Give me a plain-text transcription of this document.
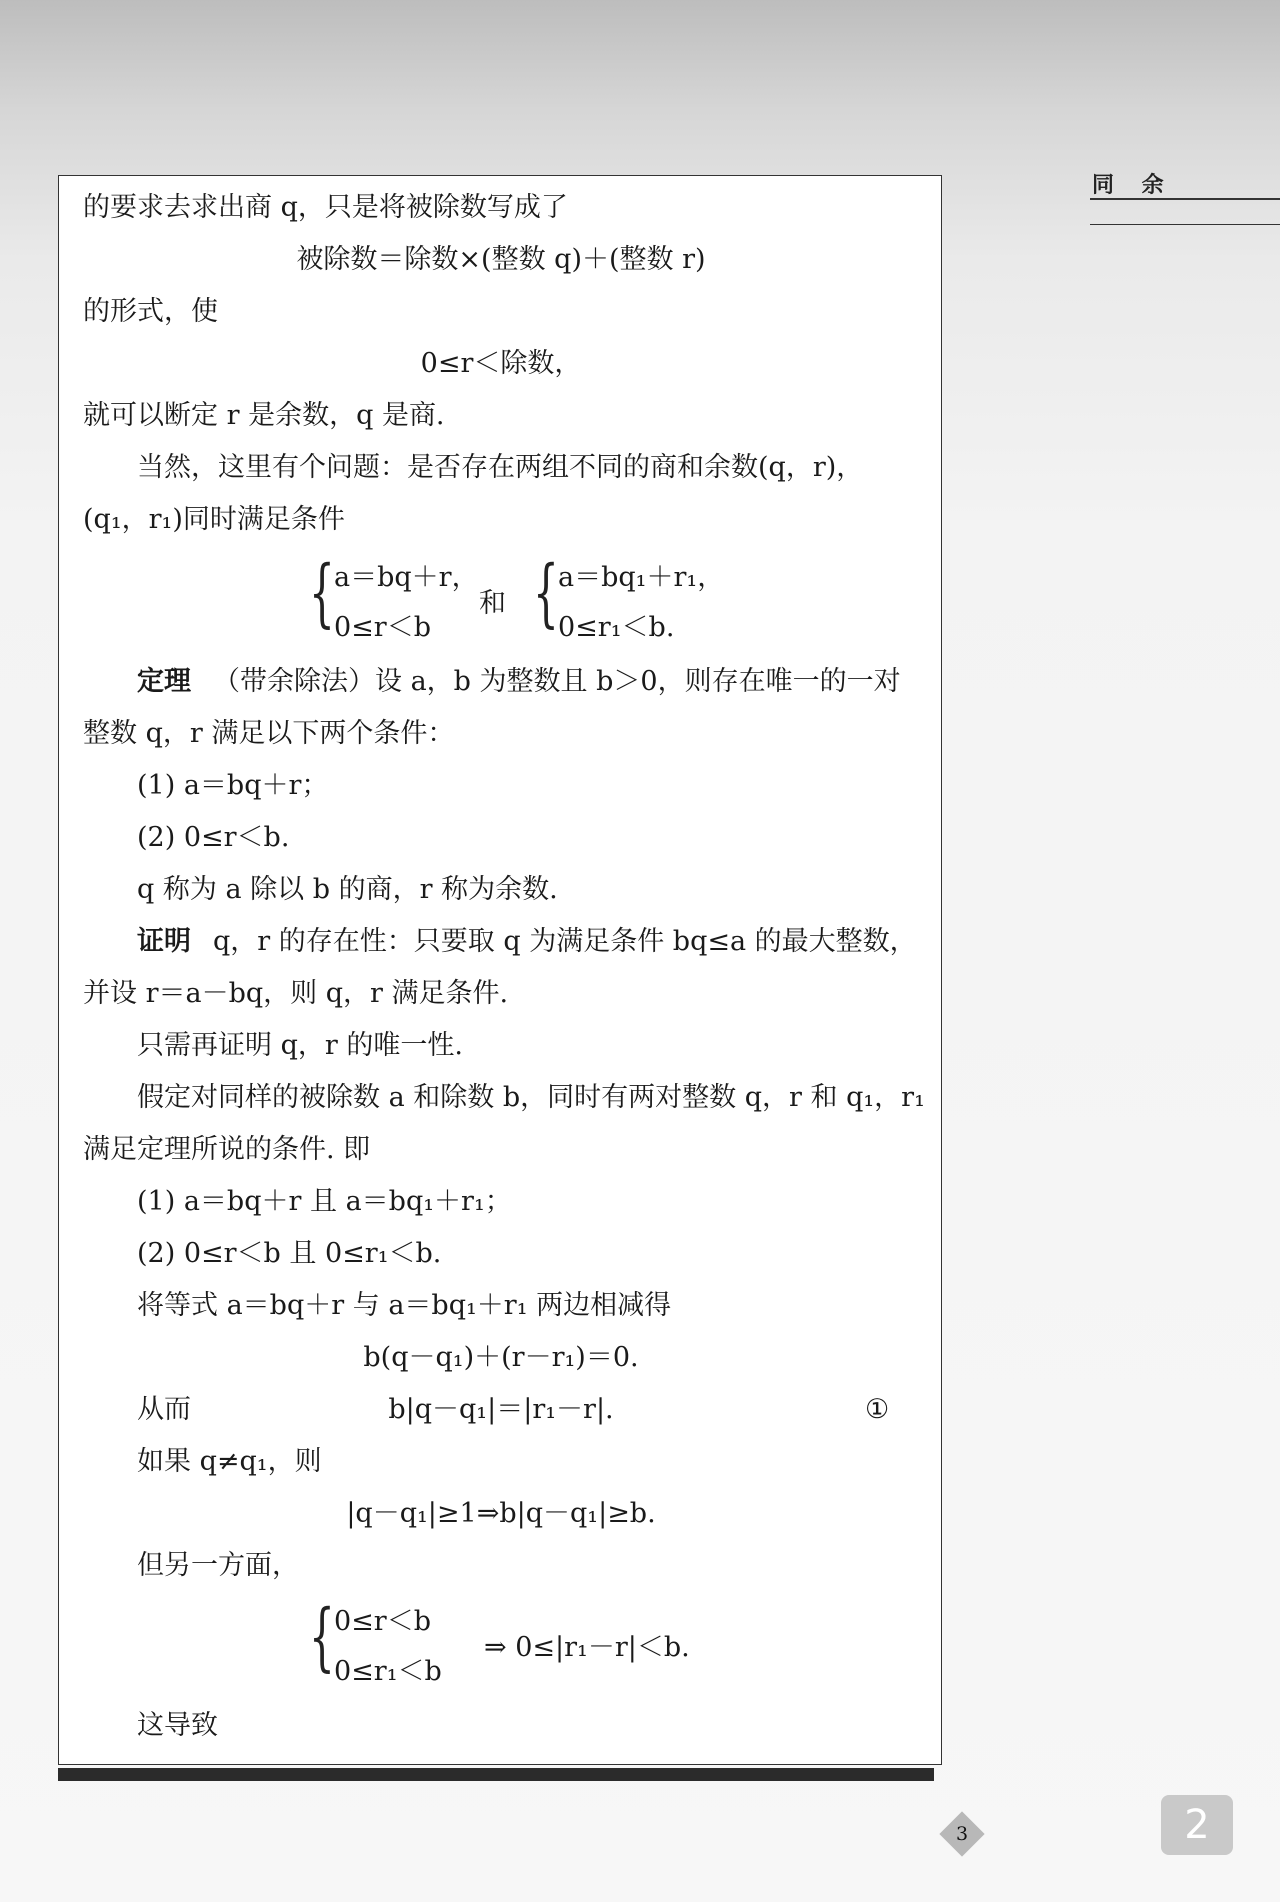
同 余
的要求去求出商 q，只是将被除数写成了
被除数＝除数×(整数 q)＋(整数 r)
的形式，使
0≤r＜除数，
就可以断定 r 是余数，q 是商.
当然，这里有个问题：是否存在两组不同的商和余数(q，r)，
(q₁，r₁)同时满足条件
{ a＝bq＋r，
0≤r＜b
和 { a＝bq₁＋r₁，
0≤r₁＜b.
定理 （带余除法）设 a，b 为整数且 b＞0，则存在唯一的一对
整数 q，r 满足以下两个条件：
(1) a＝bq＋r；
(2) 0≤r＜b.
q 称为 a 除以 b 的商，r 称为余数.
证明 q，r 的存在性：只要取 q 为满足条件 bq≤a 的最大整数，
并设 r＝a－bq，则 q，r 满足条件.
只需再证明 q，r 的唯一性.
假定对同样的被除数 a 和除数 b，同时有两对整数 q，r 和 q₁，r₁
满足定理所说的条件. 即
(1) a＝bq＋r 且 a＝bq₁＋r₁；
(2) 0≤r＜b 且 0≤r₁＜b.
将等式 a＝bq＋r 与 a＝bq₁＋r₁ 两边相减得
b(q－q₁)＋(r－r₁)＝0.
从而	b|q－q₁|＝|r₁－r|.	①
如果 q≠q₁，则
|q－q₁|≥1⇒b|q－q₁|≥b.
但另一方面，
{ 0≤r＜b
0≤r₁＜b
⇒ 0≤|r₁－r|＜b.
这导致
3	2
